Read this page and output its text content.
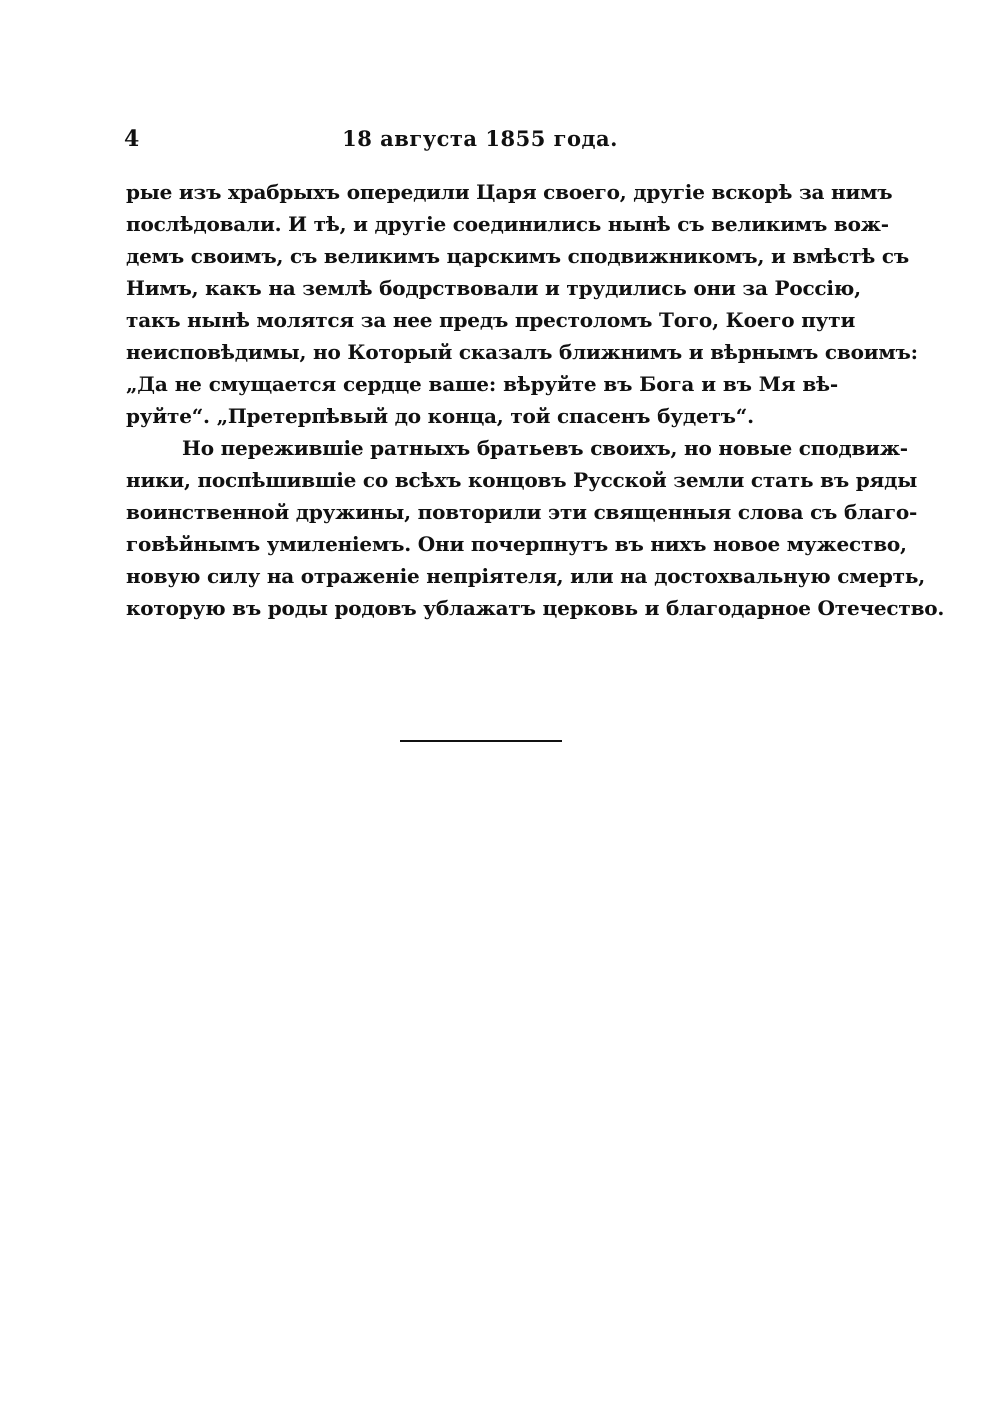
4	18 августа 1855 года.
рые изъ храбрыхъ опередили Царя своего, другіе вскорѣ за нимъ
послѣдовали. И тѣ, и другіе соединились нынѣ съ великимъ вож-
демъ своимъ, съ великимъ царскимъ сподвижникомъ, и вмѣстѣ съ
Нимъ, какъ на землѣ бодрствовали и трудились они за Россію,
такъ нынѣ молятся за нее предъ престоломъ Того, Коего пути
неисповѣдимы, но Который сказалъ ближнимъ и вѣрнымъ своимъ:
„Да не смущается сердце ваше: вѣруйте въ Бога и въ Мя вѣ-
руйте“. „Претерпѣвый до конца, той спасенъ будетъ“.
Но пережившіе ратныхъ братьевъ своихъ, но новые сподвиж-
ники, поспѣшившіе со всѣхъ концовъ Русской земли стать въ ряды
воинственной дружины, повторили эти священныя слова съ благо-
говѣйнымъ умиленіемъ. Они почерпнутъ въ нихъ новое мужество,
новую силу на отраженіе непріятеля, или на достохвальную смерть,
которую въ роды родовъ ублажатъ церковь и благодарное Отечество.
